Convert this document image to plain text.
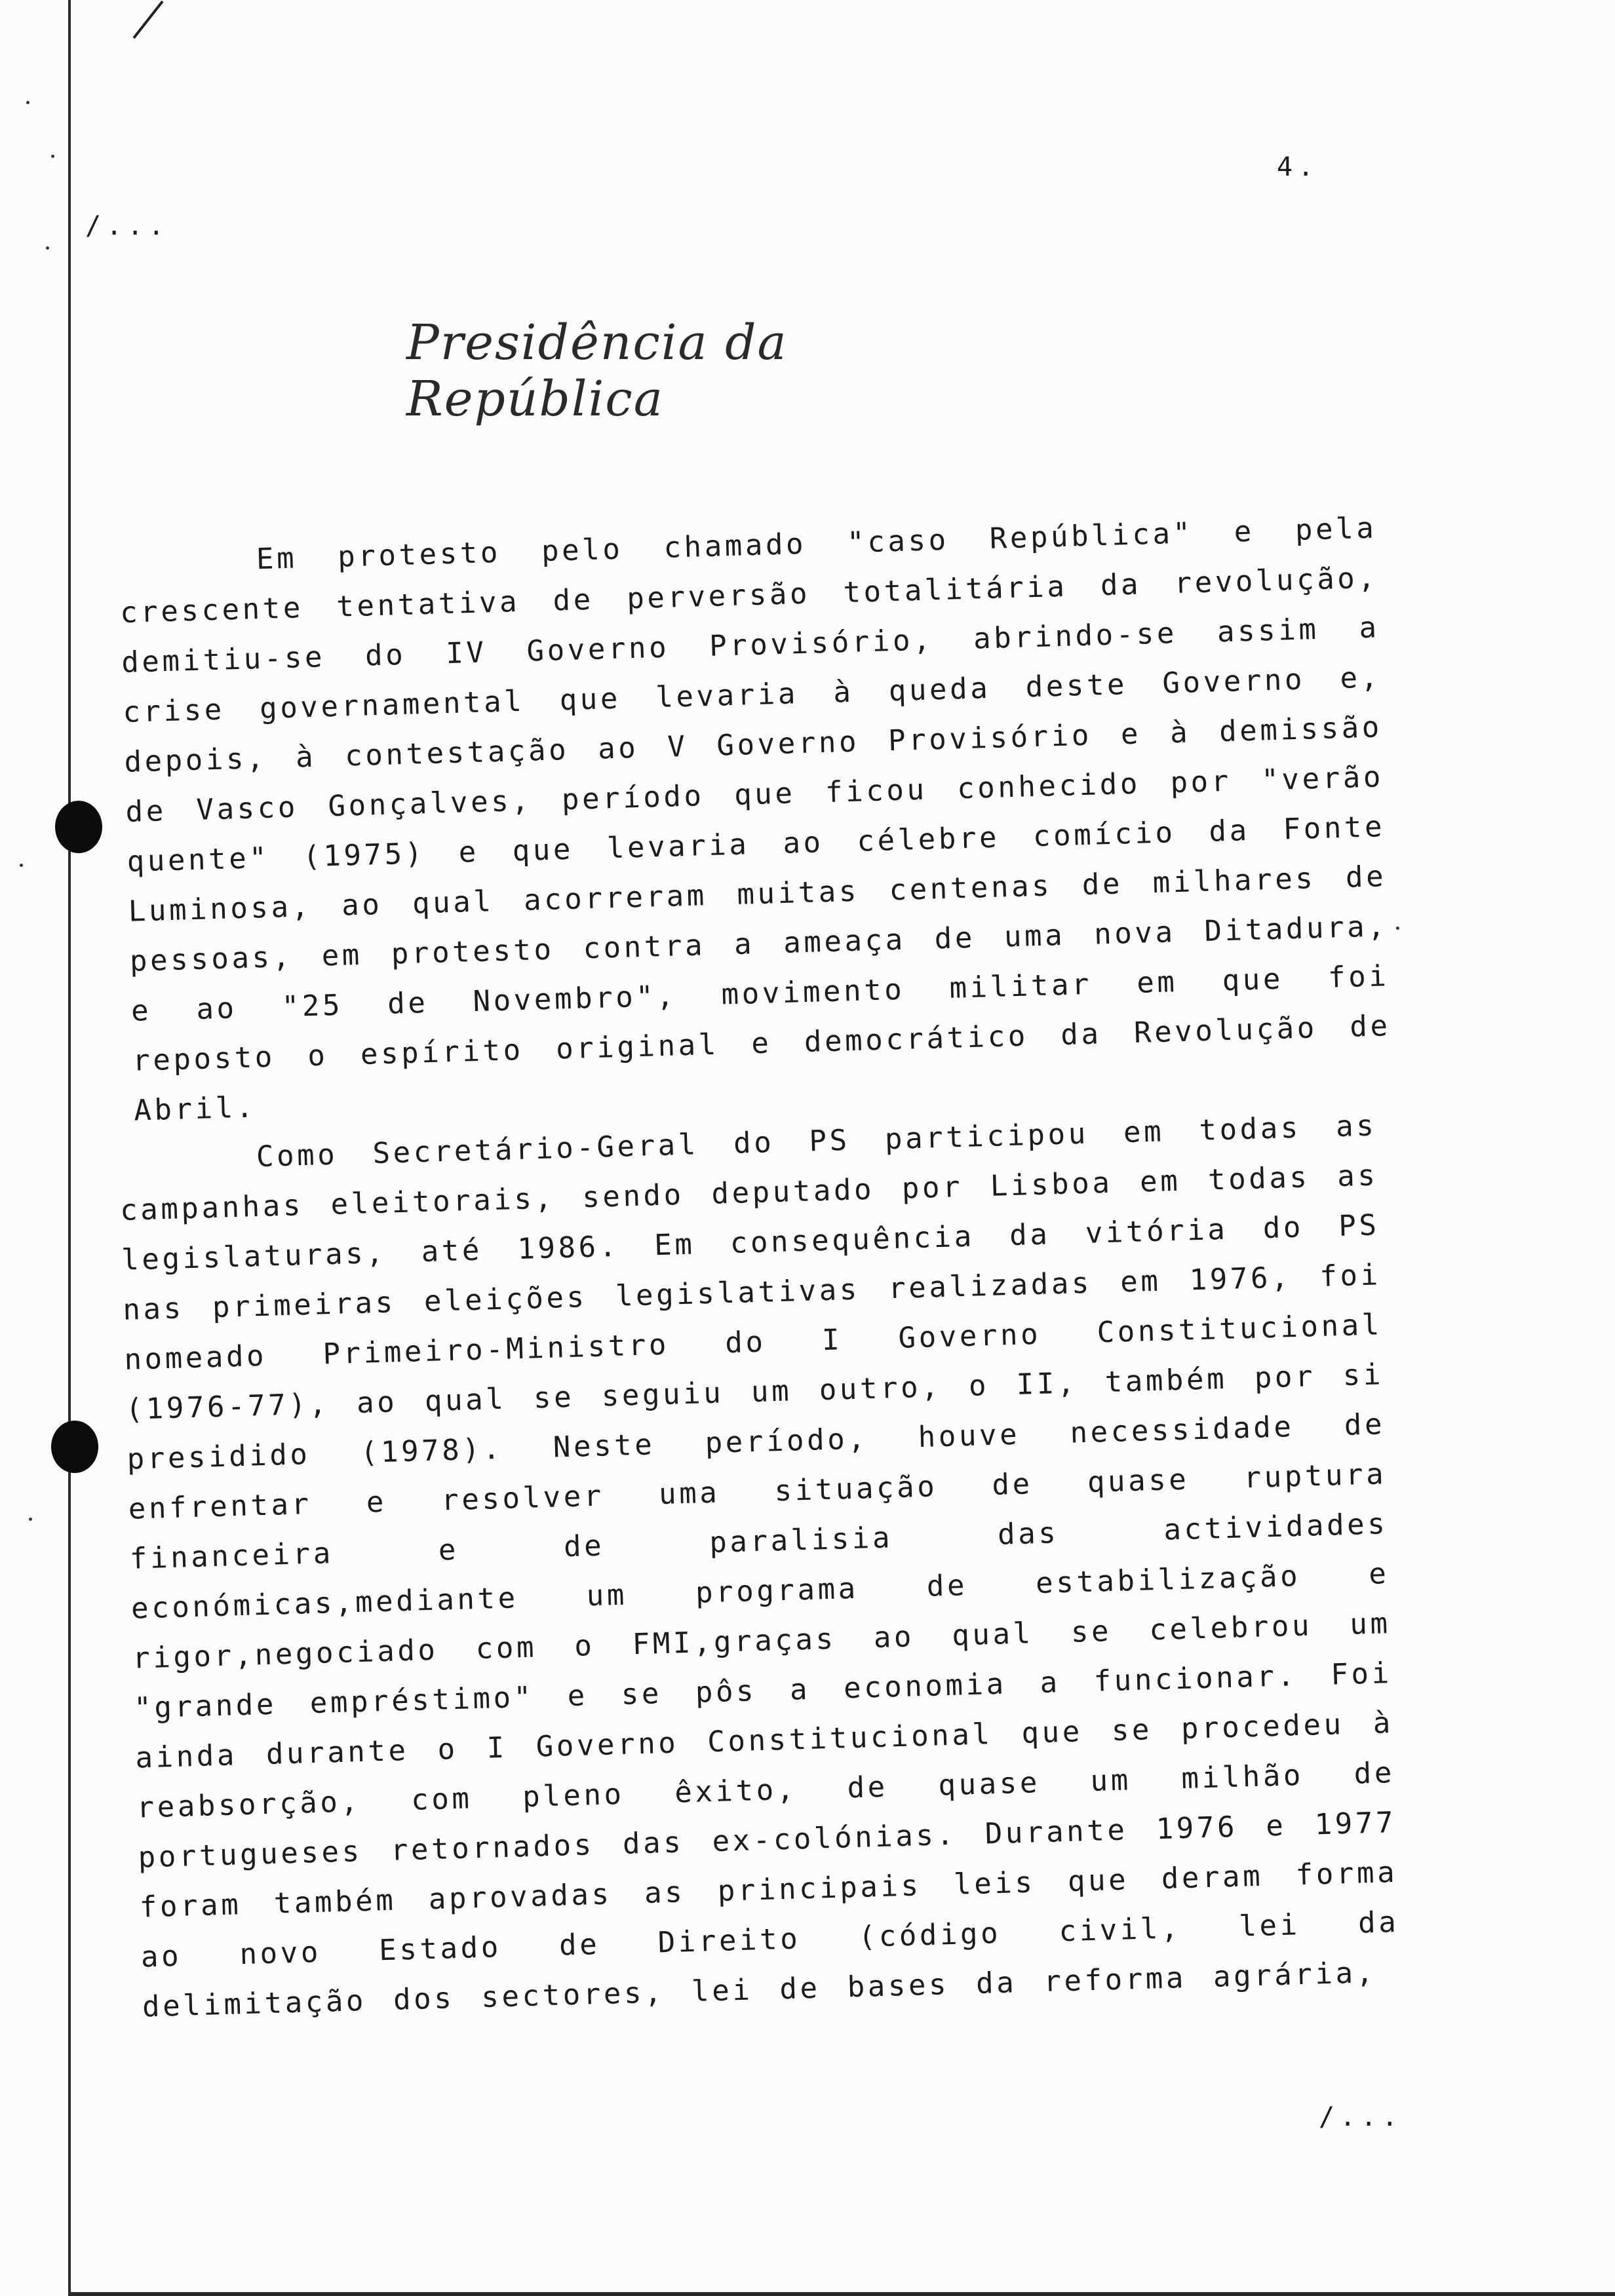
4.
/...
Presidência da República

Em protesto pelo chamado "caso República" e pela crescente tentativa de perversão totalitária da revolução, demitiu-se do IV Governo Provisório, abrindo-se assim a crise governamental que levaria à queda deste Governo e, depois, à contestação ao V Governo Provisório e à demissão de Vasco Gonçalves, período que ficou conhecido por "verão quente" (1975) e que levaria ao célebre comício da Fonte Luminosa, ao qual acorreram muitas centenas de milhares de pessoas, em protesto contra a ameaça de uma nova Ditadura, e ao "25 de Novembro", movimento militar em que foi reposto o espírito original e democrático da Revolução de Abril.

Como Secretário-Geral do PS participou em todas as campanhas eleitorais, sendo deputado por Lisboa em todas as legislaturas, até 1986. Em consequência da vitória do PS nas primeiras eleições legislativas realizadas em 1976, foi nomeado Primeiro-Ministro do I Governo Constitucional (1976-77), ao qual se seguiu um outro, o II, também por si presidido (1978). Neste período, houve necessidade de enfrentar e resolver uma situação de quase ruptura financeira e de paralisia das actividades económicas,mediante um programa de estabilização e rigor,negociado com o FMI,graças ao qual se celebrou um "grande empréstimo" e se pôs a economia a funcionar. Foi ainda durante o I Governo Constitucional que se procedeu à reabsorção, com pleno êxito, de quase um milhão de portugueses retornados das ex-colónias. Durante 1976 e 1977 foram também aprovadas as principais leis que deram forma ao novo Estado de Direito (código civil, lei da delimitação dos sectores, lei de bases da reforma agrária,

/...
